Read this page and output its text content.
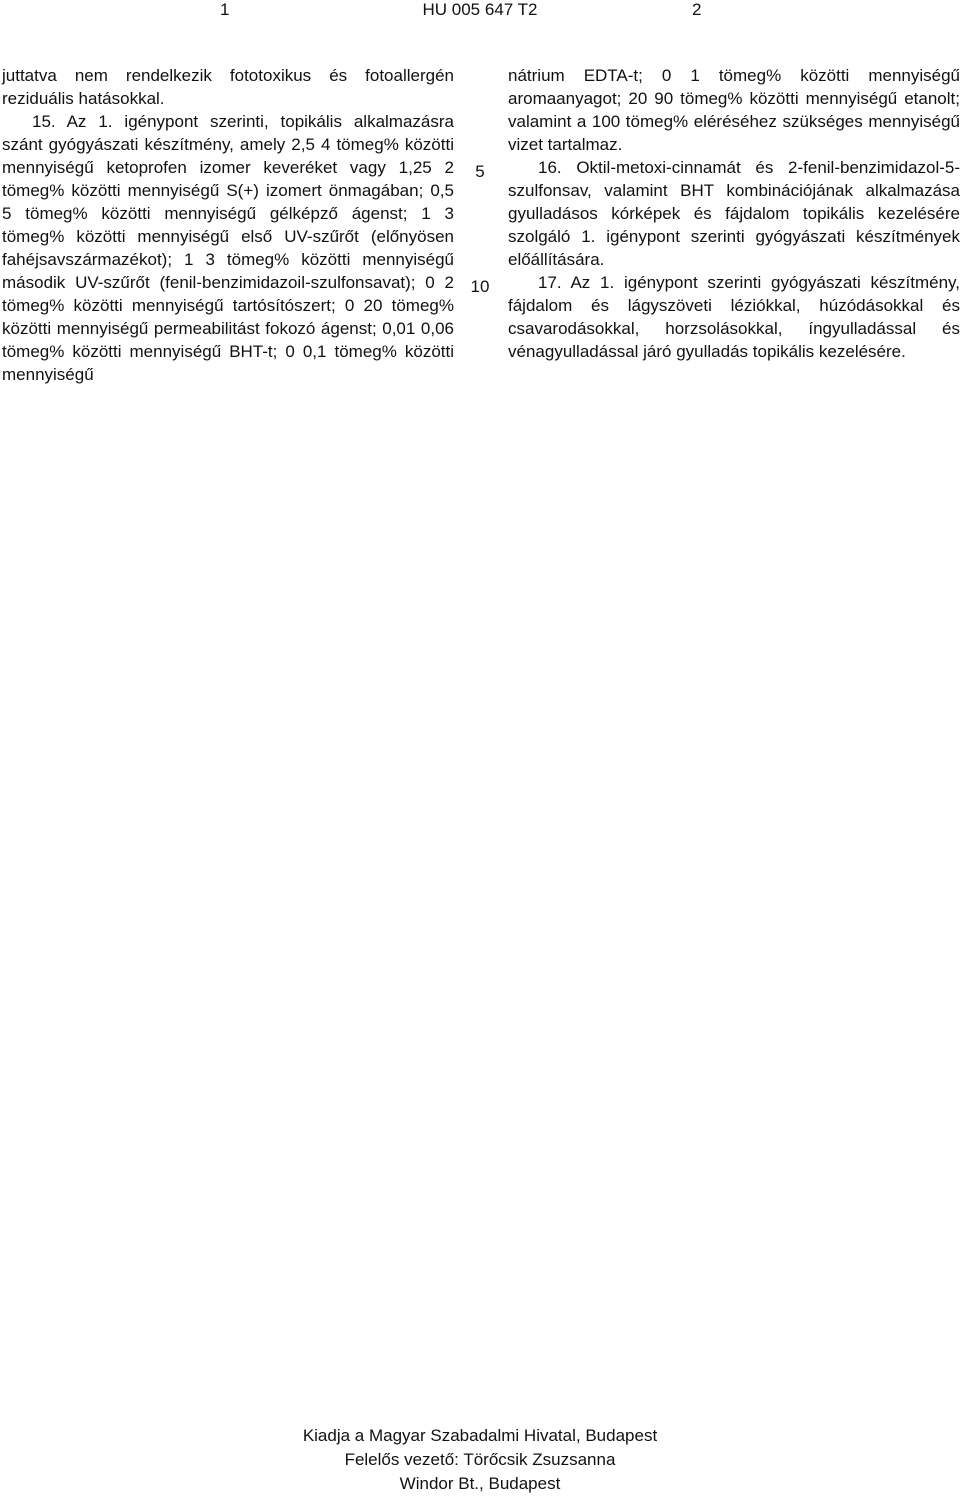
1	HU 005 647 T2	2

juttatva nem rendelkezik fototoxikus és fotoallergén reziduális hatásokkal.

15. Az 1. igénypont szerinti, topikális alkalmazásra szánt gyógyászati készítmény, amely 2,5 4 tömeg% közötti mennyiségű ketoprofen izomer keveréket vagy 1,25 2 tömeg% közötti mennyiségű S(+) izomert önmagában; 0,5 5 tömeg% közötti mennyiségű gélképző ágenst; 1 3 tömeg% közötti mennyiségű első UV-szűrőt (előnyösen fahéjsavszármazékot); 1 3 tömeg% közötti mennyiségű második UV-szűrőt (fenil-benzimidazoil-szulfonsavat); 0 2 tömeg% közötti mennyiségű tartósítószert; 0 20 tömeg% közötti mennyiségű permeabilitást fokozó ágenst; 0,01 0,06 tömeg% közötti mennyiségű BHT-t; 0 0,1 tömeg% közötti mennyiségű

5
10

nátrium EDTA-t; 0 1 tömeg% közötti mennyiségű aromaanyagot; 20 90 tömeg% közötti mennyiségű etanolt; valamint a 100 tömeg% eléréséhez szükséges mennyiségű vizet tartalmaz.

16. Oktil-metoxi-cinnamát és 2-fenil-benzimidazol-5-szulfonsav, valamint BHT kombinációjának alkalmazása gyulladásos kórképek és fájdalom topikális kezelésére szolgáló 1. igénypont szerinti gyógyászati készítmények előállítására.

17. Az 1. igénypont szerinti gyógyászati készítmény, fájdalom és lágyszöveti léziókkal, húzódásokkal és csavarodásokkal, horzsolásokkal, íngyulladással és vénagyulladással járó gyulladás topikális kezelésére.

Kiadja a Magyar Szabadalmi Hivatal, Budapest
Felelős vezető: Törőcsik Zsuzsanna
Windor Bt., Budapest
